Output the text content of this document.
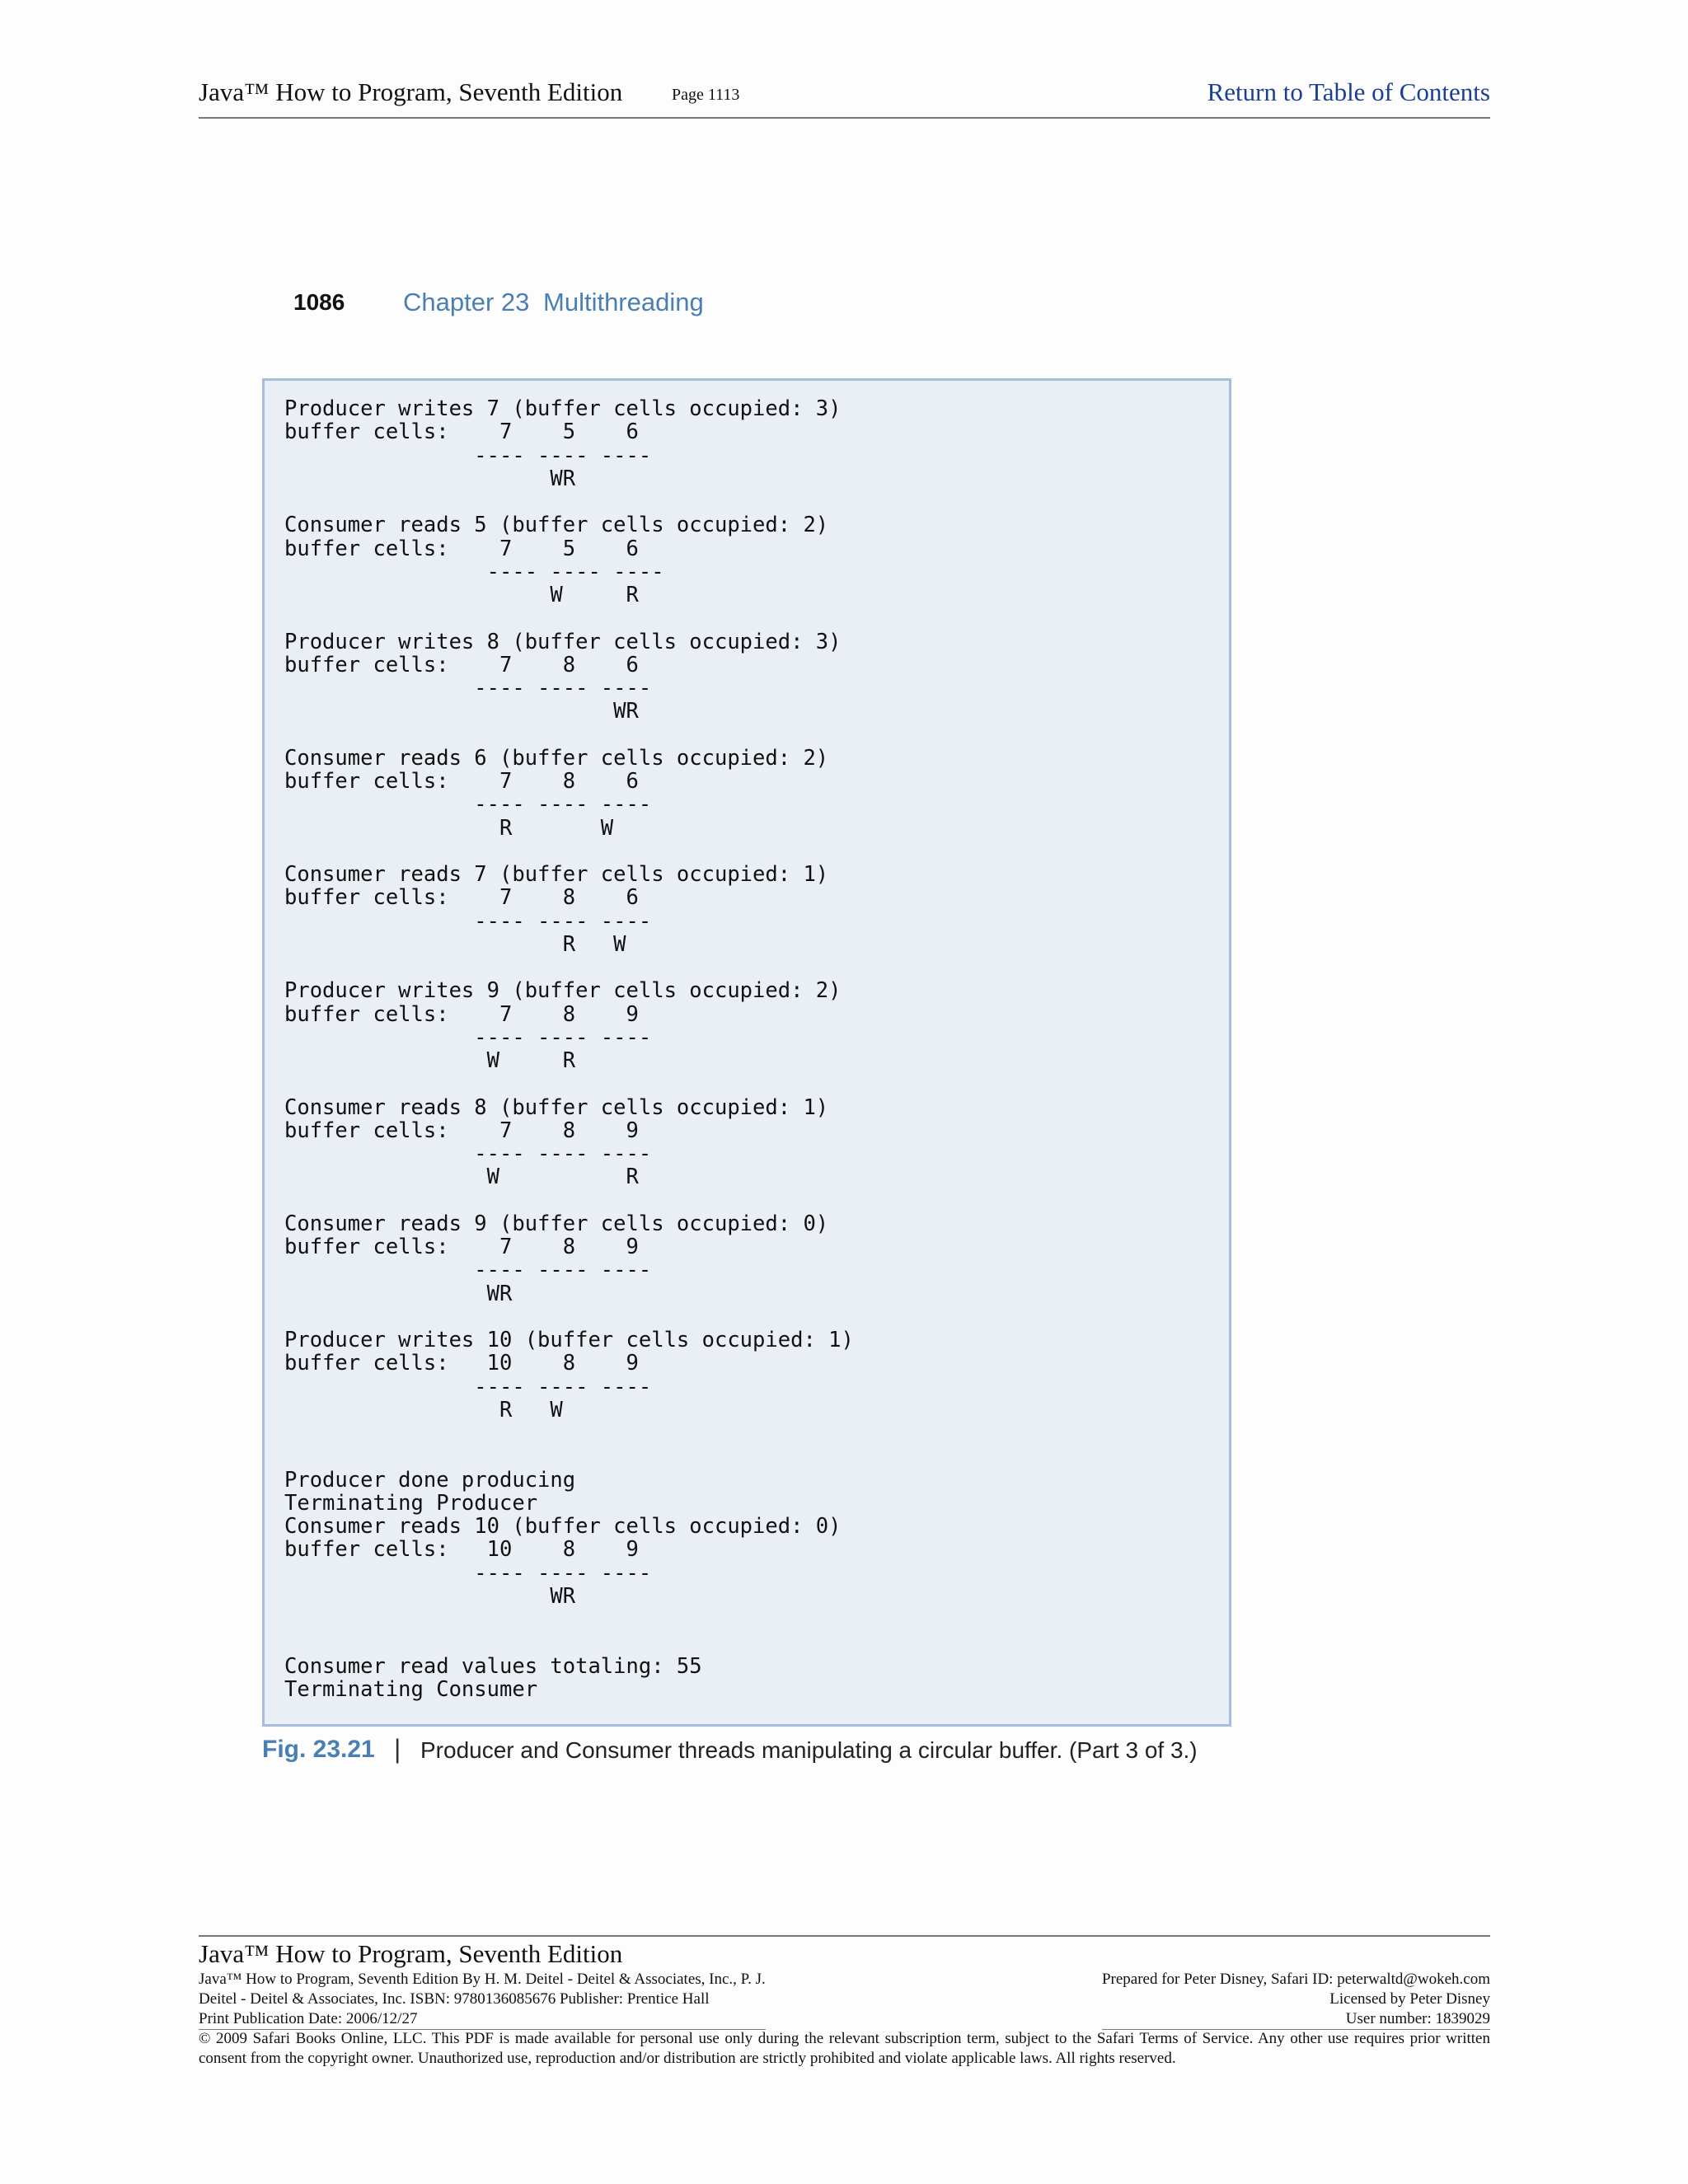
Java™ How to Program, Seventh Edition	Page 1113	Return to Table of Contents
1086 Chapter 23 Multithreading
Producer writes 7 (buffer cells occupied: 3)
buffer cells:    7    5    6
---- ---- ----
WR

Consumer reads 5 (buffer cells occupied: 2)
buffer cells:    7    5    6
---- ---- ----
W     R

Producer writes 8 (buffer cells occupied: 3)
buffer cells:    7    8    6
---- ---- ----
WR

Consumer reads 6 (buffer cells occupied: 2)
buffer cells:    7    8    6
---- ---- ----
R       W

Consumer reads 7 (buffer cells occupied: 1)
buffer cells:    7    8    6
---- ---- ----
R   W

Producer writes 9 (buffer cells occupied: 2)
buffer cells:    7    8    9
---- ---- ----
W     R

Consumer reads 8 (buffer cells occupied: 1)
buffer cells:    7    8    9
---- ---- ----
W          R

Consumer reads 9 (buffer cells occupied: 0)
buffer cells:    7    8    9
---- ---- ----
WR

Producer writes 10 (buffer cells occupied: 1)
buffer cells:   10    8    9
---- ---- ----
R   W

Producer done producing
Terminating Producer
Consumer reads 10 (buffer cells occupied: 0)
buffer cells:   10    8    9
---- ---- ----
WR

Consumer read values totaling: 55
Terminating Consumer
Fig. 23.21 | Producer and Consumer threads manipulating a circular buffer. (Part 3 of 3.)
Java™ How to Program, Seventh Edition
Java™ How to Program, Seventh Edition By H. M. Deitel - Deitel & Associates, Inc., P. J.
Deitel - Deitel & Associates, Inc. ISBN: 9780136085676 Publisher: Prentice Hall
Print Publication Date: 2006/12/27
Prepared for Peter Disney, Safari ID: peterwaltd@wokeh.com
Licensed by Peter Disney
User number: 1839029
© 2009 Safari Books Online, LLC. This PDF is made available for personal use only during the relevant subscription term, subject to the Safari Terms of Service. Any other use requires prior written consent from the copyright owner. Unauthorized use, reproduction and/or distribution are strictly prohibited and violate applicable laws. All rights reserved.
